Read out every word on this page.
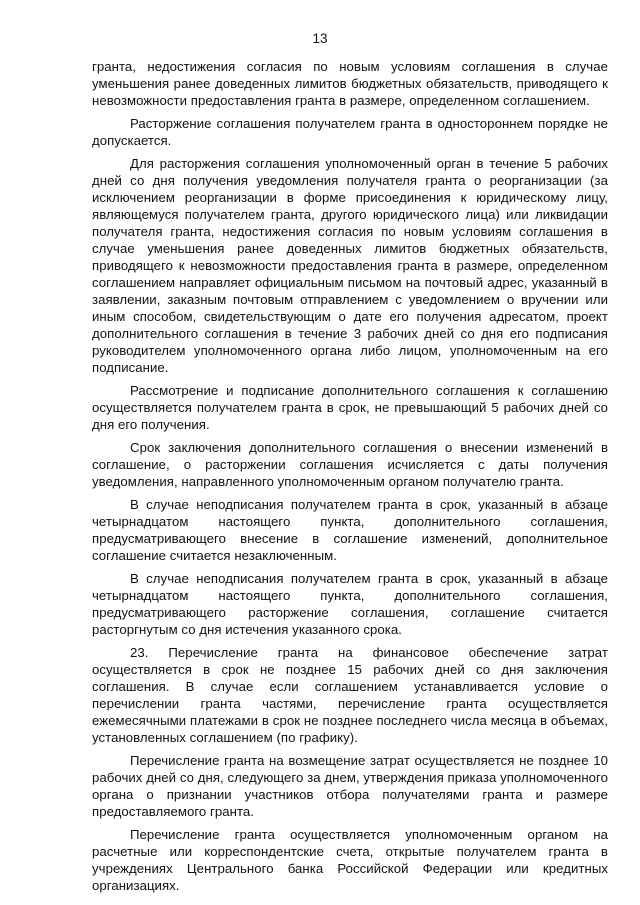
13

гранта, недостижения согласия по новым условиям соглашения в случае уменьшения ранее доведенных лимитов бюджетных обязательств, приводящего к невозможности предоставления гранта в размере, определенном соглашением.

Расторжение соглашения получателем гранта в одностороннем порядке не допускается.

Для расторжения соглашения уполномоченный орган в течение 5 рабочих дней со дня получения уведомления получателя гранта о реорганизации (за исключением реорганизации в форме присоединения к юридическому лицу, являющемуся получателем гранта, другого юридического лица) или ликвидации получателя гранта, недостижения согласия по новым условиям соглашения в случае уменьшения ранее доведенных лимитов бюджетных обязательств, приводящего к невозможности предоставления гранта в размере, определенном соглашением направляет официальным письмом на почтовый адрес, указанный в заявлении, заказным почтовым отправлением с уведомлением о вручении или иным способом, свидетельствующим о дате его получения адресатом, проект дополнительного соглашения в течение 3 рабочих дней со дня его подписания руководителем уполномоченного органа либо лицом, уполномоченным на его подписание.

Рассмотрение и подписание дополнительного соглашения к соглашению осуществляется получателем гранта в срок, не превышающий 5 рабочих дней со дня его получения.

Срок заключения дополнительного соглашения о внесении изменений в соглашение, о расторжении соглашения исчисляется с даты получения уведомления, направленного уполномоченным органом получателю гранта.

В случае неподписания получателем гранта в срок, указанный в абзаце четырнадцатом настоящего пункта, дополнительного соглашения, предусматривающего внесение в соглашение изменений, дополнительное соглашение считается незаключенным.

В случае неподписания получателем гранта в срок, указанный в абзаце четырнадцатом настоящего пункта, дополнительного соглашения, предусматривающего расторжение соглашения, соглашение считается расторгнутым со дня истечения указанного срока.

23. Перечисление гранта на финансовое обеспечение затрат осуществляется в срок не позднее 15 рабочих дней со дня заключения соглашения. В случае если соглашением устанавливается условие о перечислении гранта частями, перечисление гранта осуществляется ежемесячными платежами в срок не позднее последнего числа месяца в объемах, установленных соглашением (по графику).

Перечисление гранта на возмещение затрат осуществляется не позднее 10 рабочих дней со дня, следующего за днем, утверждения приказа уполномоченного органа о признании участников отбора получателями гранта и размере предоставляемого гранта.

Перечисление гранта осуществляется уполномоченным органом на расчетные или корреспондентские счета, открытые получателем гранта в учреждениях Центрального банка Российской Федерации или кредитных организациях.
